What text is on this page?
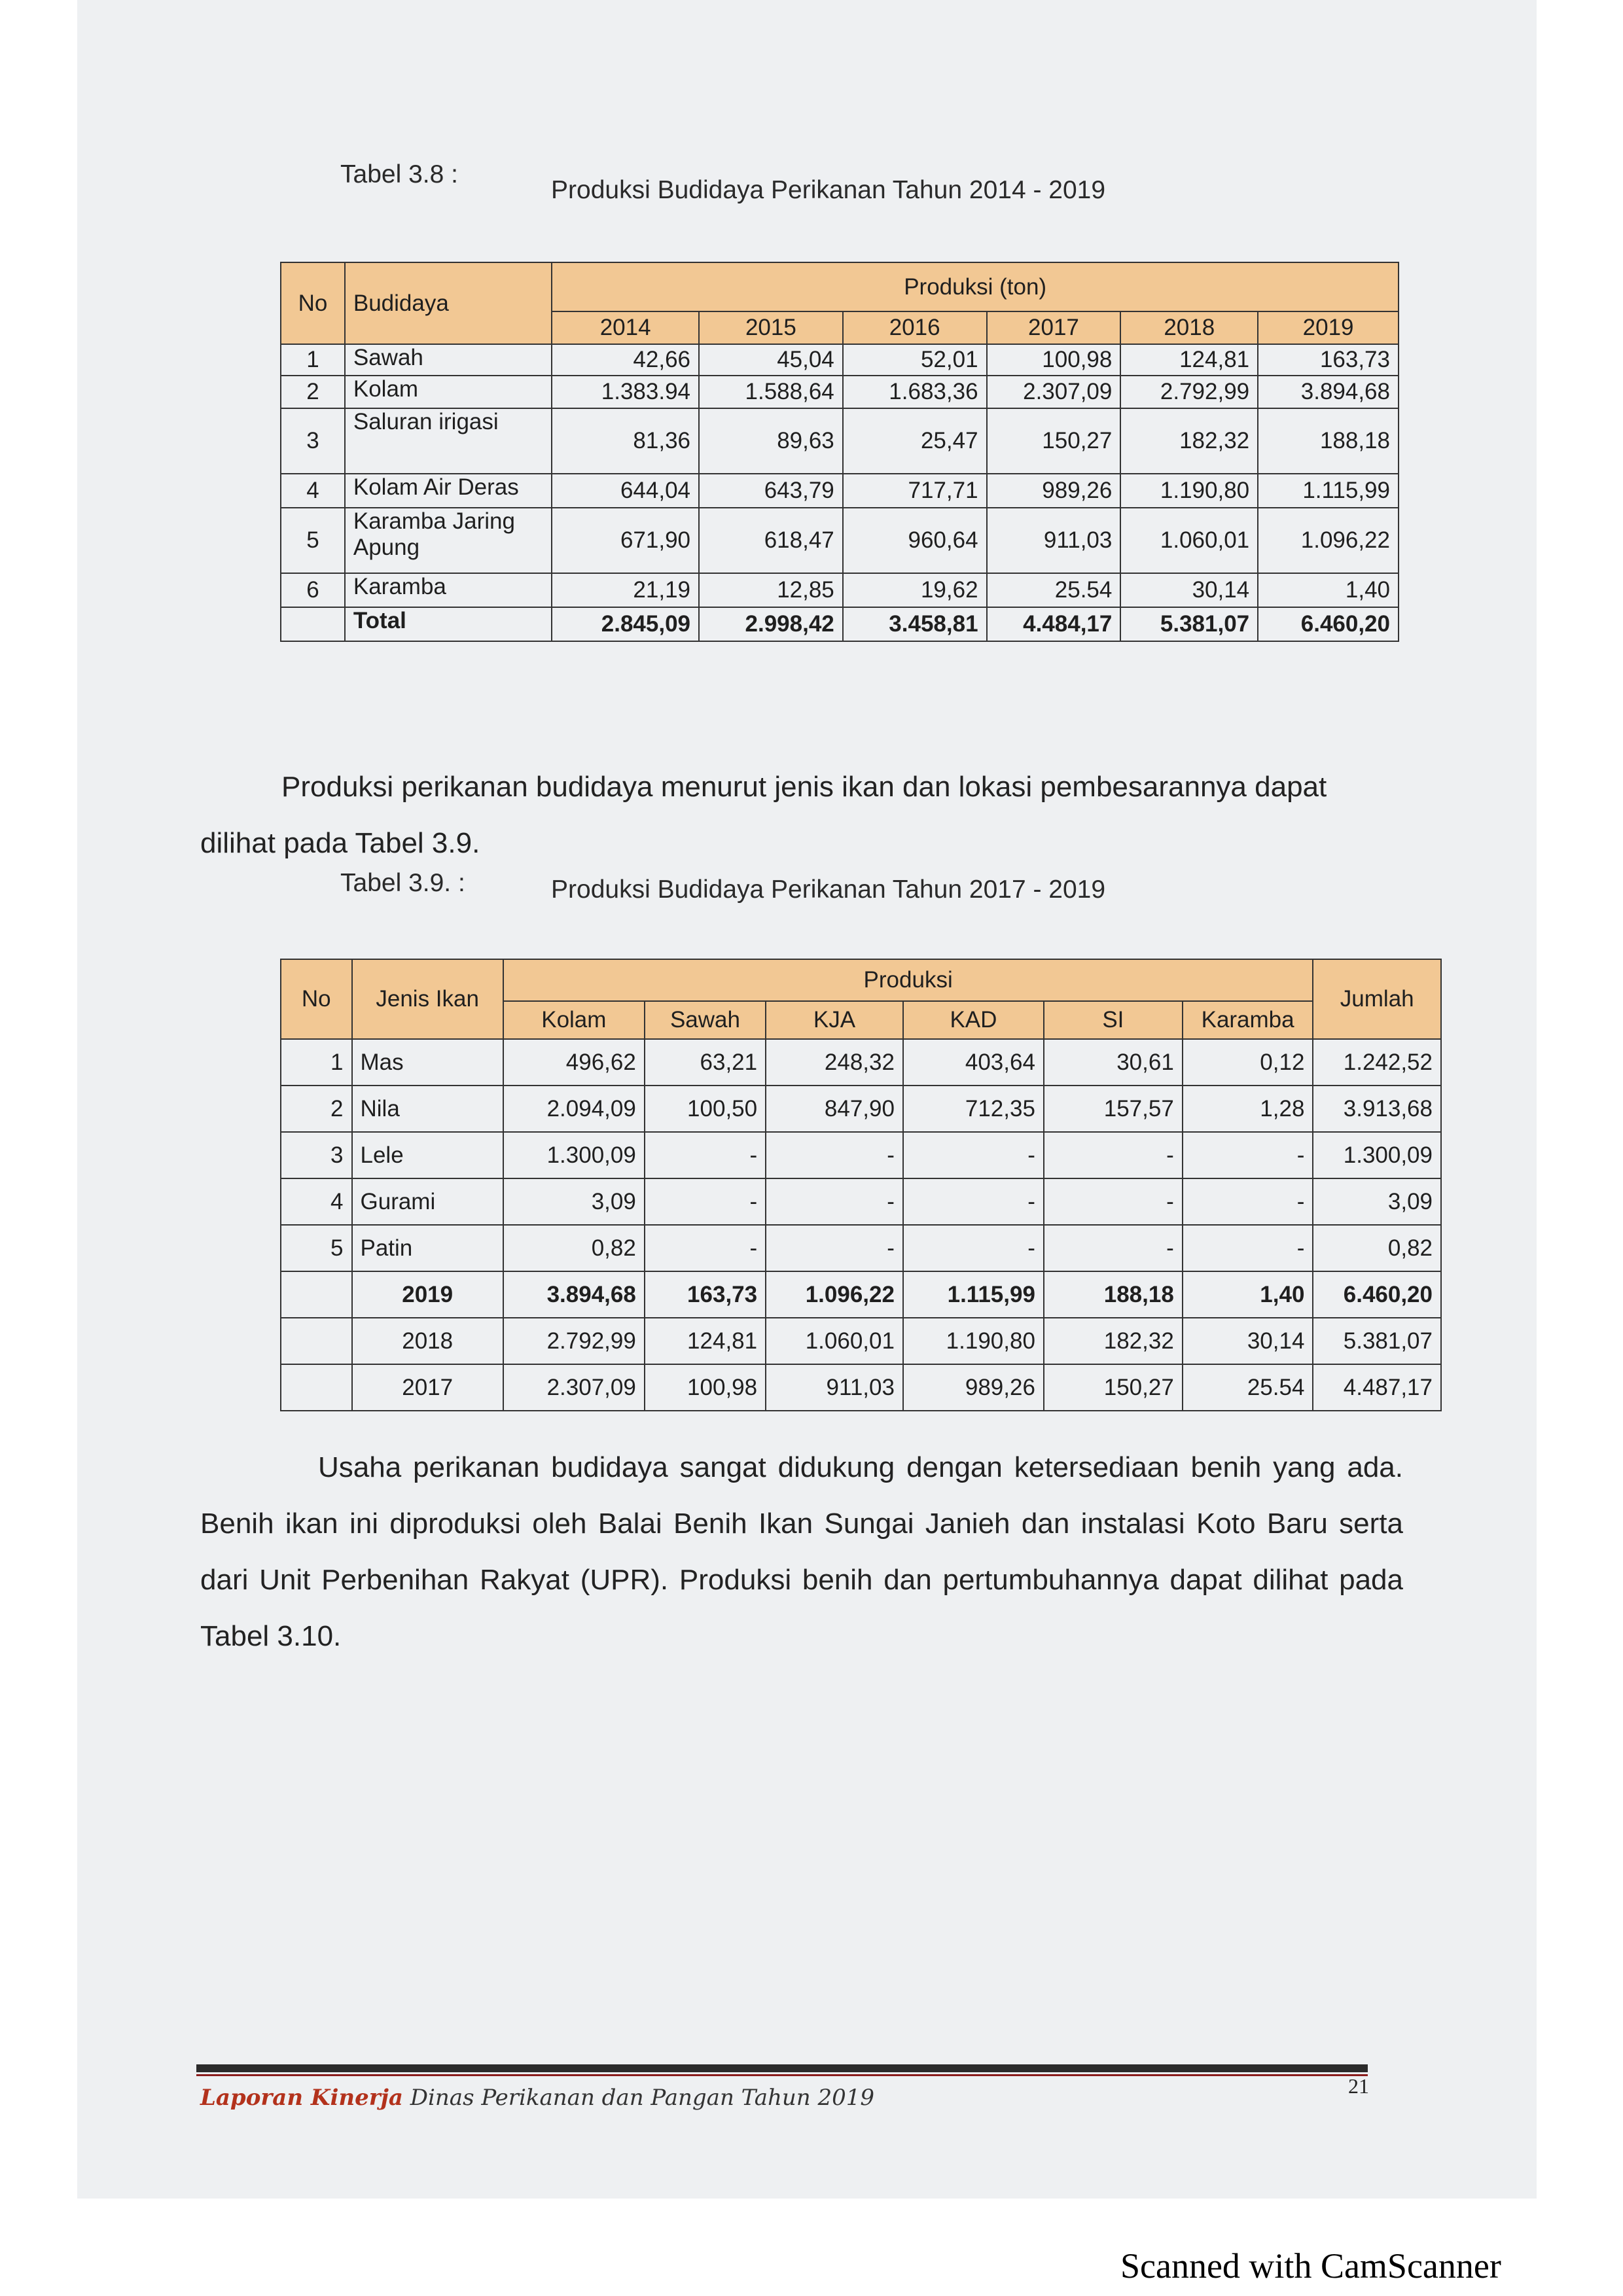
Tabel 3.8 :
Produksi Budidaya Perikanan Tahun 2014 - 2019
No	Budidaya	Produksi (ton)					
		2014	2015	2016	2017	2018	2019
1	Sawah	42,66	45,04	52,01	100,98	124,81	163,73
2	Kolam	1.383.94	1.588,64	1.683,36	2.307,09	2.792,99	3.894,68
3	Saluran irigasi	81,36	89,63	25,47	150,27	182,32	188,18
4	Kolam Air Deras	644,04	643,79	717,71	989,26	1.190,80	1.115,99
5	Karamba Jaring Apung	671,90	618,47	960,64	911,03	1.060,01	1.096,22
6	Karamba	21,19	12,85	19,62	25.54	30,14	1,40
	Total	2.845,09	2.998,42	3.458,81	4.484,17	5.381,07	6.460,20

Produksi perikanan budidaya menurut jenis ikan dan lokasi pembesarannya dapat dilihat pada Tabel 3.9.

Tabel 3.9. :	Produksi Budidaya Perikanan Tahun 2017 - 2019
No	Jenis Ikan	Produksi						Jumlah
		Kolam	Sawah	KJA	KAD	SI	Karamba	
1	Mas	496,62	63,21	248,32	403,64	30,61	0,12	1.242,52
2	Nila	2.094,09	100,50	847,90	712,35	157,57	1,28	3.913,68
3	Lele	1.300,09	-	-	-	-	-	1.300,09
4	Gurami	3,09	-	-	-	-	-	3,09
5	Patin	0,82	-	-	-	-	-	0,82
	2019	3.894,68	163,73	1.096,22	1.115,99	188,18	1,40	6.460,20
	2018	2.792,99	124,81	1.060,01	1.190,80	182,32	30,14	5.381,07
	2017	2.307,09	100,98	911,03	989,26	150,27	25.54	4.487,17

Usaha perikanan budidaya sangat didukung dengan ketersediaan benih yang ada. Benih ikan ini diproduksi oleh Balai Benih Ikan Sungai Janieh dan instalasi Koto Baru serta dari Unit Perbenihan Rakyat (UPR). Produksi benih dan pertumbuhannya dapat dilihat pada Tabel 3.10.

Laporan Kinerja Dinas Perikanan dan Pangan Tahun 2019	21
Scanned with CamScanner
